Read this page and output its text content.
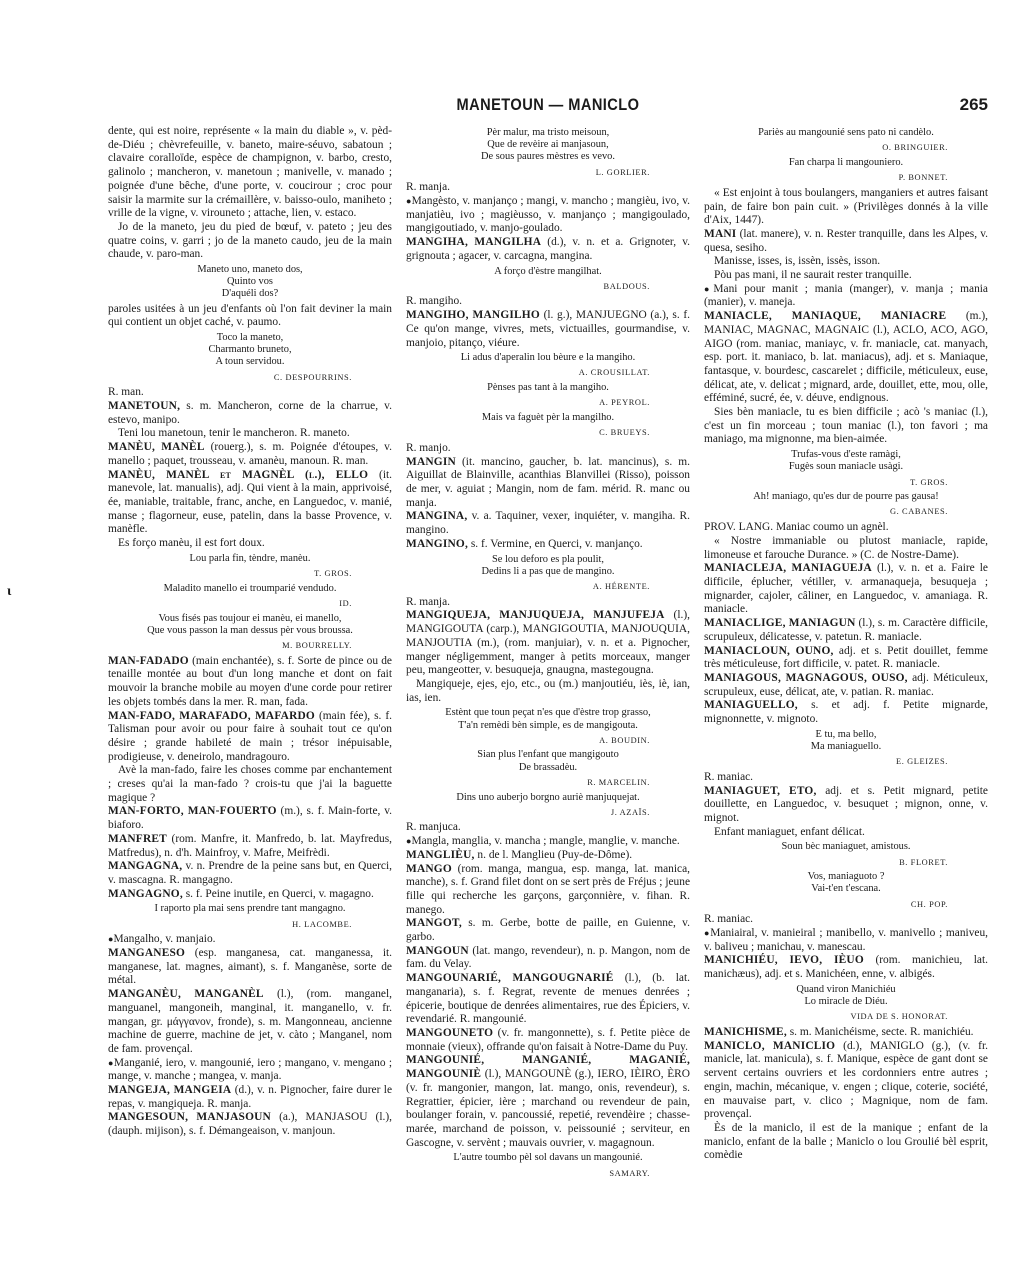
MANETOUN — MANICLO	265

dente, qui est noire, représente « la main du diable », v. pèd-de-Diéu ; chèvrefeuille, v. baneto, maire-séuvo, sabatoun ; clavaire coralloïde, espèce de champignon, v. barbo, cresto, galinolo ; mancheron, v. manetoun ; manivelle, v. manado ; poignée d'une bêche, d'une porte, v. coucirour ; croc pour saisir la marmite sur la crémaillère, v. baisso-oulo, maniheto ; vrille de la vigne, v. virouneto ; attache, lien, v. estaco.

Jo de la maneto, jeu du pied de bœuf, v. pateto ; jeu des quatre coins, v. garri ; jo de la maneto caudo, jeu de la main chaude, v. paro-man.

Maneto uno, maneto dos,
Quinto vos
D'aquéli dos?

paroles usitées à un jeu d'enfants où l'on fait deviner la main qui contient un objet caché, v. paumo.

Toco la maneto,
Charmanto bruneto,
A toun servidou.
C. DESPOURRINS.

R. man.

MANETOUN, s. m. Mancheron, corne de la charrue, v. estevo, manipo.

Teni lou manetoun, tenir le mancheron. R. maneto.

MANÈU, MANÈL (rouerg.), s. m. Poignée d'étoupes, v. manello ; paquet, trousseau, v. amanèu, manoun. R. man.

MANÈU, MANÈL et MAGNÈL (l.), ELLO (it. manevole, lat. manualis), adj. Qui vient à la main, apprivoisé, ée, maniable, traitable, franc, anche, en Languedoc, v. manié, manse ; flagorneur, euse, patelin, dans la basse Provence, v. manèfle.

Es forço manèu, il est fort doux.

Lou parla fin, tèndre, manèu.
T. GROS.
Maladito manello ei troumparié vendudo.
ID.
Vous fisés pas toujour ei manèu, ei manello,
Que vous passon la man dessus pèr vous broussa.
M. BOURRELLY.

MAN-FADADO (main enchantée), s. f. Sorte de pince ou de tenaille montée au bout d'un long manche et dont on fait mouvoir la branche mobile au moyen d'une corde pour retirer les objets tombés dans la mer. R. man, fada.

MAN-FADO, MARAFADO, MAFARDO (main fée), s. f. Talisman pour avoir ou pour faire à souhait tout ce qu'on désire ; grande habileté de main ; trésor inépuisable, prodigieuse, v. deneirolo, mandragouro.

Avè la man-fado, faire les choses comme par enchantement ; creses qu'ai la man-fado ? crois-tu que j'ai la baguette magique ?

MAN-FORTO, MAN-FOUERTO (m.), s. f. Main-forte, v. biaforo.

MANFRET (rom. Manfre, it. Manfredo, b. lat. Mayfredus, Matfredus), n. d'h. Mainfroy, v. Mafre, Meifrèdi.

MANGAGNA, v. n. Prendre de la peine sans but, en Querci, v. mascagna. R. mangagno.

MANGAGNO, s. f. Peine inutile, en Querci, v. magagno.

I raporto pla mai sens prendre tant mangagno.
H. LACOMBE.

● Mangalho, v. manjaio.

MANGANESO (esp. manganesa, cat. manganessa, it. manganese, lat. magnes, aimant), s. f. Manganèse, sorte de métal.

MANGANÈU, MANGANÈL (l.), (rom. manganel, manguanel, mangoneih, manginal, it. manganello, v. fr. mangan, gr. μάγγανον, fronde), s. m. Mangonneau, ancienne machine de guerre, machine de jet, v. càto ; Manganel, nom de fam. provençal.

● Manganié, iero, v. mangounié, iero ; mangano, v. mengano ; mange, v. manche ; mangea, v. manja.

MANGEJA, MANGEIA (d.), v. n. Pignocher, faire durer le repas, v. mangiqueja. R. manja.

MANGESOUN, MANJASOUN (a.), MANJASOU (l.), (dauph. mijison), s. f. Démangeaison, v. manjoun.

Pèr malur, ma tristo meisoun,
Que de revèire ai manjasoun,
De sous paures mèstres es vevo.
L. GORLIER.

R. manja.

● Mangèsto, v. manjanço ; mangi, v. mancho ; mangièu, ivo, v. manjatièu, ivo ; magièusso, v. manjanço ; mangigoulado, mangigoutiado, v. manjo-goulado.

MANGIHA, MANGILHA (d.), v. n. et a. Grignoter, v. grignouta ; agacer, v. carcagna, mangina.

A forço d'èstre mangilhat.
BALDOUS.

R. mangiho.

MANGIHO, MANGILHO (l. g.), MANJUEGNO (a.), s. f. Ce qu'on mange, vivres, mets, victuailles, gourmandise, v. manjoio, pitanço, viéure.

Li adus d'aperalin lou bèure e la mangiho.
A. CROUSILLAT.
Pènses pas tant à la mangiho.
A. PEYROL.
Mais va faguèt pèr la mangilho.
C. BRUEYS.

R. manjo.

MANGIN (it. mancino, gaucher, b. lat. mancinus), s. m. Aiguillat de Blainville, acanthias Blanvillei (Risso), poisson de mer, v. aguiat ; Mangin, nom de fam. mérid. R. manc ou manja.

MANGINA, v. a. Taquiner, vexer, inquiéter, v. mangiha. R. mangino.

MANGINO, s. f. Vermine, en Querci, v. manjanço.

Se lou deforo es pla poulit,
Dedins li a pas que de mangino.
A. HÉRENTE.

R. manja.

MANGIQUEJA, MANJUQUEJA, MANJUFEJA (l.), MANGIGOUTA (carp.), MANGIGOUTIA, MANJOUQUIA, MANJOUTIA (m.), (rom. manjuiar), v. n. et a. Pignocher, manger négligemment, manger à petits morceaux, manger peu, mangeotter, v. besuqueja, gnaugna, mastegougna.

Mangiqueje, ejes, ejo, etc., ou (m.) manjoutiéu, iès, iè, ian, ias, ien.

Estènt que toun peçat n'es que d'èstre trop grasso,
T'a'n remèdi bèn simple, es de mangigouta.
A. BOUDIN.
Sian plus l'enfant que mangigouto
De brassadèu.
R. MARCELIN.
Dins uno auberjo borgno auriè manjuquejat.
J. AZAÏS.

R. manjuca.

● Mangla, manglia, v. mancha ; mangle, manglie, v. manche.

MANGLIÈU, n. de l. Manglieu (Puy-de-Dôme).

MANGO (rom. manga, mangua, esp. manga, lat. manica, manche), s. f. Grand filet dont on se sert près de Fréjus ; jeune fille qui recherche les garçons, garçonnière, v. fihan. R. manego.

MANGOT, s. m. Gerbe, botte de paille, en Guienne, v. garbo.

MANGOUN (lat. mango, revendeur), n. p. Mangon, nom de fam. du Velay.

MANGOUNARIÉ, MANGOUGNARIÉ (l.), (b. lat. manganaria), s. f. Regrat, revente de menues denrées ; épicerie, boutique de denrées alimentaires, rue des Épiciers, v. revendarié. R. mangounié.

MANGOUNETO (v. fr. mangonnette), s. f. Petite pièce de monnaie (vieux), offrande qu'on faisait à Notre-Dame du Puy.

MANGOUNIÉ, MANGANIÉ, MAGANIÉ, MANGOUNIÈ (l.), MANGOUNÈ (g.), IERO, IÈIRO, ÈRO (v. fr. mangonier, mangon, lat. mango, onis, revendeur), s. Regrattier, épicier, ière ; marchand ou revendeur de pain, boulanger forain, v. pancoussié, repetié, revendèire ; chasse-marée, marchand de poisson, v. peissounié ; serviteur, en Gascogne, v. servènt ; mauvais ouvrier, v. magagnoun.

L'autre toumbo pèl sol davans un mangounié.
SAMARY.
Pariès au mangounié sens pato ni candèlo.
O. BRINGUIER.
Fan charpa li mangouniero.
P. BONNET.

« Est enjoint à tous boulangers, manganiers et autres faisant pain, de faire bon pain cuit. » (Privilèges donnés à la ville d'Aix, 1447).

MANI (lat. manere), v. n. Rester tranquille, dans les Alpes, v. quesa, sesiho.

Manisse, isses, is, issèn, issès, isson.

Pòu pas mani, il ne saurait rester tranquille.

● Mani pour manit ; mania (manger), v. manja ; mania (manier), v. maneja.

MANIACLE, MANIAQUE, MANIACRE (m.), MANIAC, MAGNAC, MAGNAIC (l.), ACLO, ACO, AGO, AIGO (rom. maniac, maniayc, v. fr. maniacle, cat. manyach, esp. port. it. maniaco, b. lat. maniacus), adj. et s. Maniaque, fantasque, v. bourdesc, cascarelet ; difficile, méticuleux, euse, délicat, ate, v. delicat ; mignard, arde, douillet, ette, mou, olle, efféminé, sucré, ée, v. déuve, endignous.

Sies bèn maniacle, tu es bien difficile ; acò 's maniac (l.), c'est un fin morceau ; toun maniac (l.), ton favori ; ma maniago, ma mignonne, ma bien-aimée.

Trufas-vous d'este ramàgi,
Fugès soun maniacle usàgi.
T. GROS.
Ah! maniago, qu'es dur de pourre pas gausa!
G. CABANES.

PROV. LANG. Maniac coumo un agnèl.

« Nostre immaniable ou plutost maniacle, rapide, limoneuse et farouche Durance. » (C. de Nostre-Dame).

MANIACLEJA, MANIAGUEJA (l.), v. n. et a. Faire le difficile, éplucher, vétiller, v. armanaqueja, besuqueja ; mignarder, cajoler, câliner, en Languedoc, v. amaniaga. R. maniacle.

MANIACLIGE, MANIAGUN (l.), s. m. Caractère difficile, scrupuleux, délicatesse, v. patetun. R. maniacle.

MANIACLOUN, OUNO, adj. et s. Petit douillet, femme très méticuleuse, fort difficile, v. patet. R. maniacle.

MANIAGOUS, MAGNAGOUS, OUSO, adj. Méticuleux, scrupuleux, euse, délicat, ate, v. patian. R. maniac.

MANIAGUELLO, s. et adj. f. Petite mignarde, mignonnette, v. mignoto.

E tu, ma bello,
Ma maniaguello.
E. GLEIZES.

R. maniac.

MANIAGUET, ETO, adj. et s. Petit mignard, petite douillette, en Languedoc, v. besuquet ; mignon, onne, v. mignot.

Enfant maniaguet, enfant délicat.

Soun bèc maniaguet, amistous.
B. FLORET.
Vos, maniaguoto ?
Vai-t'en t'escana.
CH. POP.

R. maniac.

● Maniairal, v. manieiral ; manibello, v. manivello ; maniveu, v. baliveu ; manichau, v. manescau.

MANICHIÉU, IEVO, IÈUO (rom. manichieu, lat. manichæus), adj. et s. Manichéen, enne, v. albigés.

Quand viron Manichiéu
Lo miracle de Diéu.
VIDA DE S. HONORAT.

MANICHISME, s. m. Manichéisme, secte. R. manichiéu.

MANICLO, MANICLIO (d.), MANIGLO (g.), (v. fr. manicle, lat. manicula), s. f. Manique, espèce de gant dont se servent certains ouvriers et les cordonniers entre autres ; engin, machin, mécanique, v. engen ; clique, coterie, société, en mauvaise part, v. clico ; Magnique, nom de fam. provençal.

Ès de la maniclo, il est de la manique ; enfant de la maniclo, enfant de la balle ; Maniclo o lou Groulié bèl esprit, comèdie

ɩ
